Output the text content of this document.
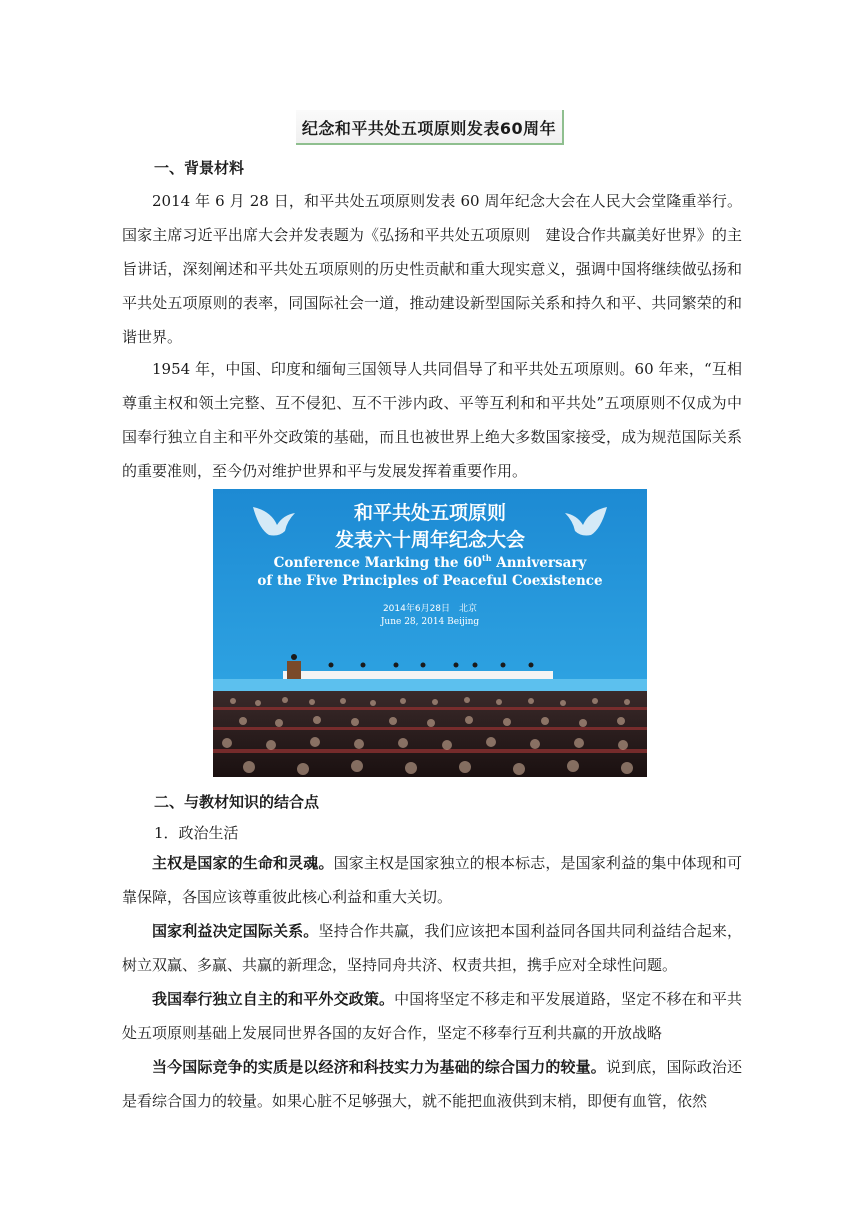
纪念和平共处五项原则发表60周年
一、背景材料

2014 年 6 月 28 日，和平共处五项原则发表 60 周年纪念大会在人民大会堂隆重举行。国家主席习近平出席大会并发表题为《弘扬和平共处五项原则　建设合作共赢美好世界》的主旨讲话，深刻阐述和平共处五项原则的历史性贡献和重大现实意义，强调中国将继续做弘扬和平共处五项原则的表率，同国际社会一道，推动建设新型国际关系和持久和平、共同繁荣的和谐世界。

1954 年，中国、印度和缅甸三国领导人共同倡导了和平共处五项原则。60 年来，“互相尊重主权和领土完整、互不侵犯、互不干涉内政、平等互利和和平共处”五项原则不仅成为中国奉行独立自主和平外交政策的基础，而且也被世界上绝大多数国家接受，成为规范国际关系的重要准则，至今仍对维护世界和平与发展发挥着重要作用。

和平共处五项原则
发表六十周年纪念大会
Conference Marking the 60th Anniversary
of the Five Principles of Peaceful Coexistence
2014年6月28日　北京
June 28, 2014 Beijing
二、与教材知识的结合点
1．政治生活

主权是国家的生命和灵魂。国家主权是国家独立的根本标志，是国家利益的集中体现和可靠保障，各国应该尊重彼此核心利益和重大关切。

国家利益决定国际关系。坚持合作共赢，我们应该把本国利益同各国共同利益结合起来，树立双赢、多赢、共赢的新理念，坚持同舟共济、权责共担，携手应对全球性问题。

我国奉行独立自主的和平外交政策。中国将坚定不移走和平发展道路，坚定不移在和平共处五项原则基础上发展同世界各国的友好合作，坚定不移奉行互利共赢的开放战略

当今国际竞争的实质是以经济和科技实力为基础的综合国力的较量。说到底，国际政治还是看综合国力的较量。如果心脏不足够强大，就不能把血液供到末梢，即便有血管，依然
